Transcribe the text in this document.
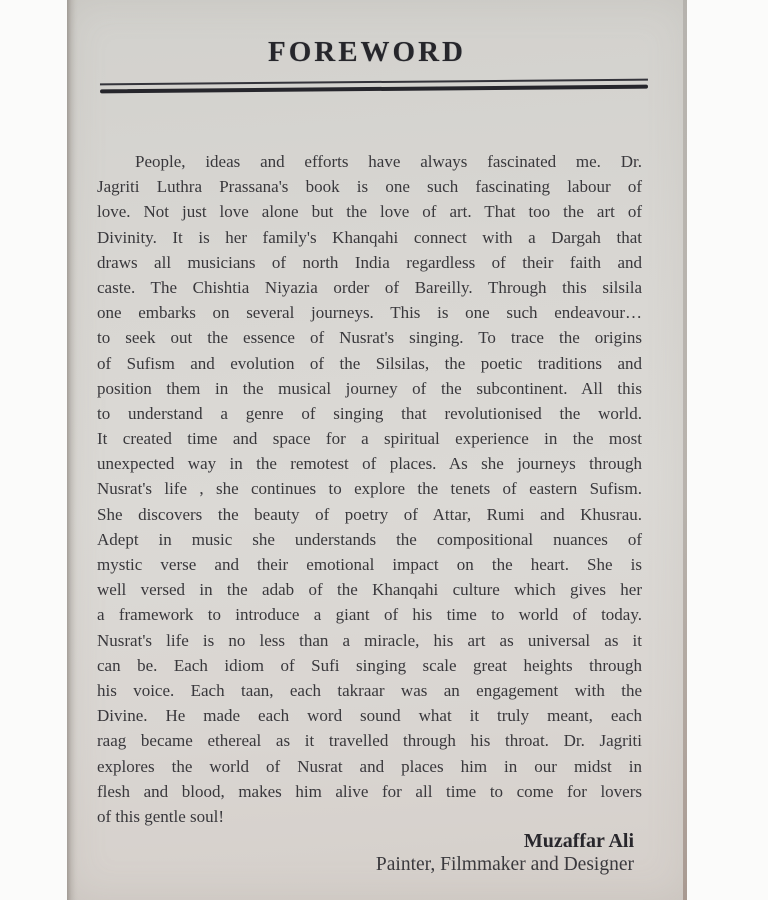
FOREWORD
People, ideas and efforts have always fascinated me. Dr.
Jagriti Luthra Prassana's book is one such fascinating labour of
love. Not just love alone but the love of art. That too the art of
Divinity. It is her family's Khanqahi connect with a Dargah that
draws all musicians of north India regardless of their faith and
caste. The Chishtia Niyazia order of Bareilly. Through this silsila
one embarks on several journeys. This is one such endeavour…
to seek out the essence of Nusrat's singing. To trace the origins
of Sufism and evolution of the Silsilas, the poetic traditions and
position them in the musical journey of the subcontinent. All this
to understand a genre of singing that revolutionised the world.
It created time and space for a spiritual experience in the most
unexpected way in the remotest of places. As she journeys through
Nusrat's life , she continues to explore the tenets of eastern Sufism.
She discovers the beauty of poetry of Attar, Rumi and Khusrau.
Adept in music she understands the compositional nuances of
mystic verse and their emotional impact on the heart. She is
well versed in the adab of the Khanqahi culture which gives her
a framework to introduce a giant of his time to world of today.
Nusrat's life is no less than a miracle, his art as universal as it
can be. Each idiom of Sufi singing scale great heights through
his voice. Each taan, each takraar was an engagement with the
Divine. He made each word sound what it truly meant, each
raag became ethereal as it travelled through his throat. Dr. Jagriti
explores the world of Nusrat and places him in our midst in
flesh and blood, makes him alive for all time to come for lovers
of this gentle soul!
Muzaffar Ali
Painter, Filmmaker and Designer
